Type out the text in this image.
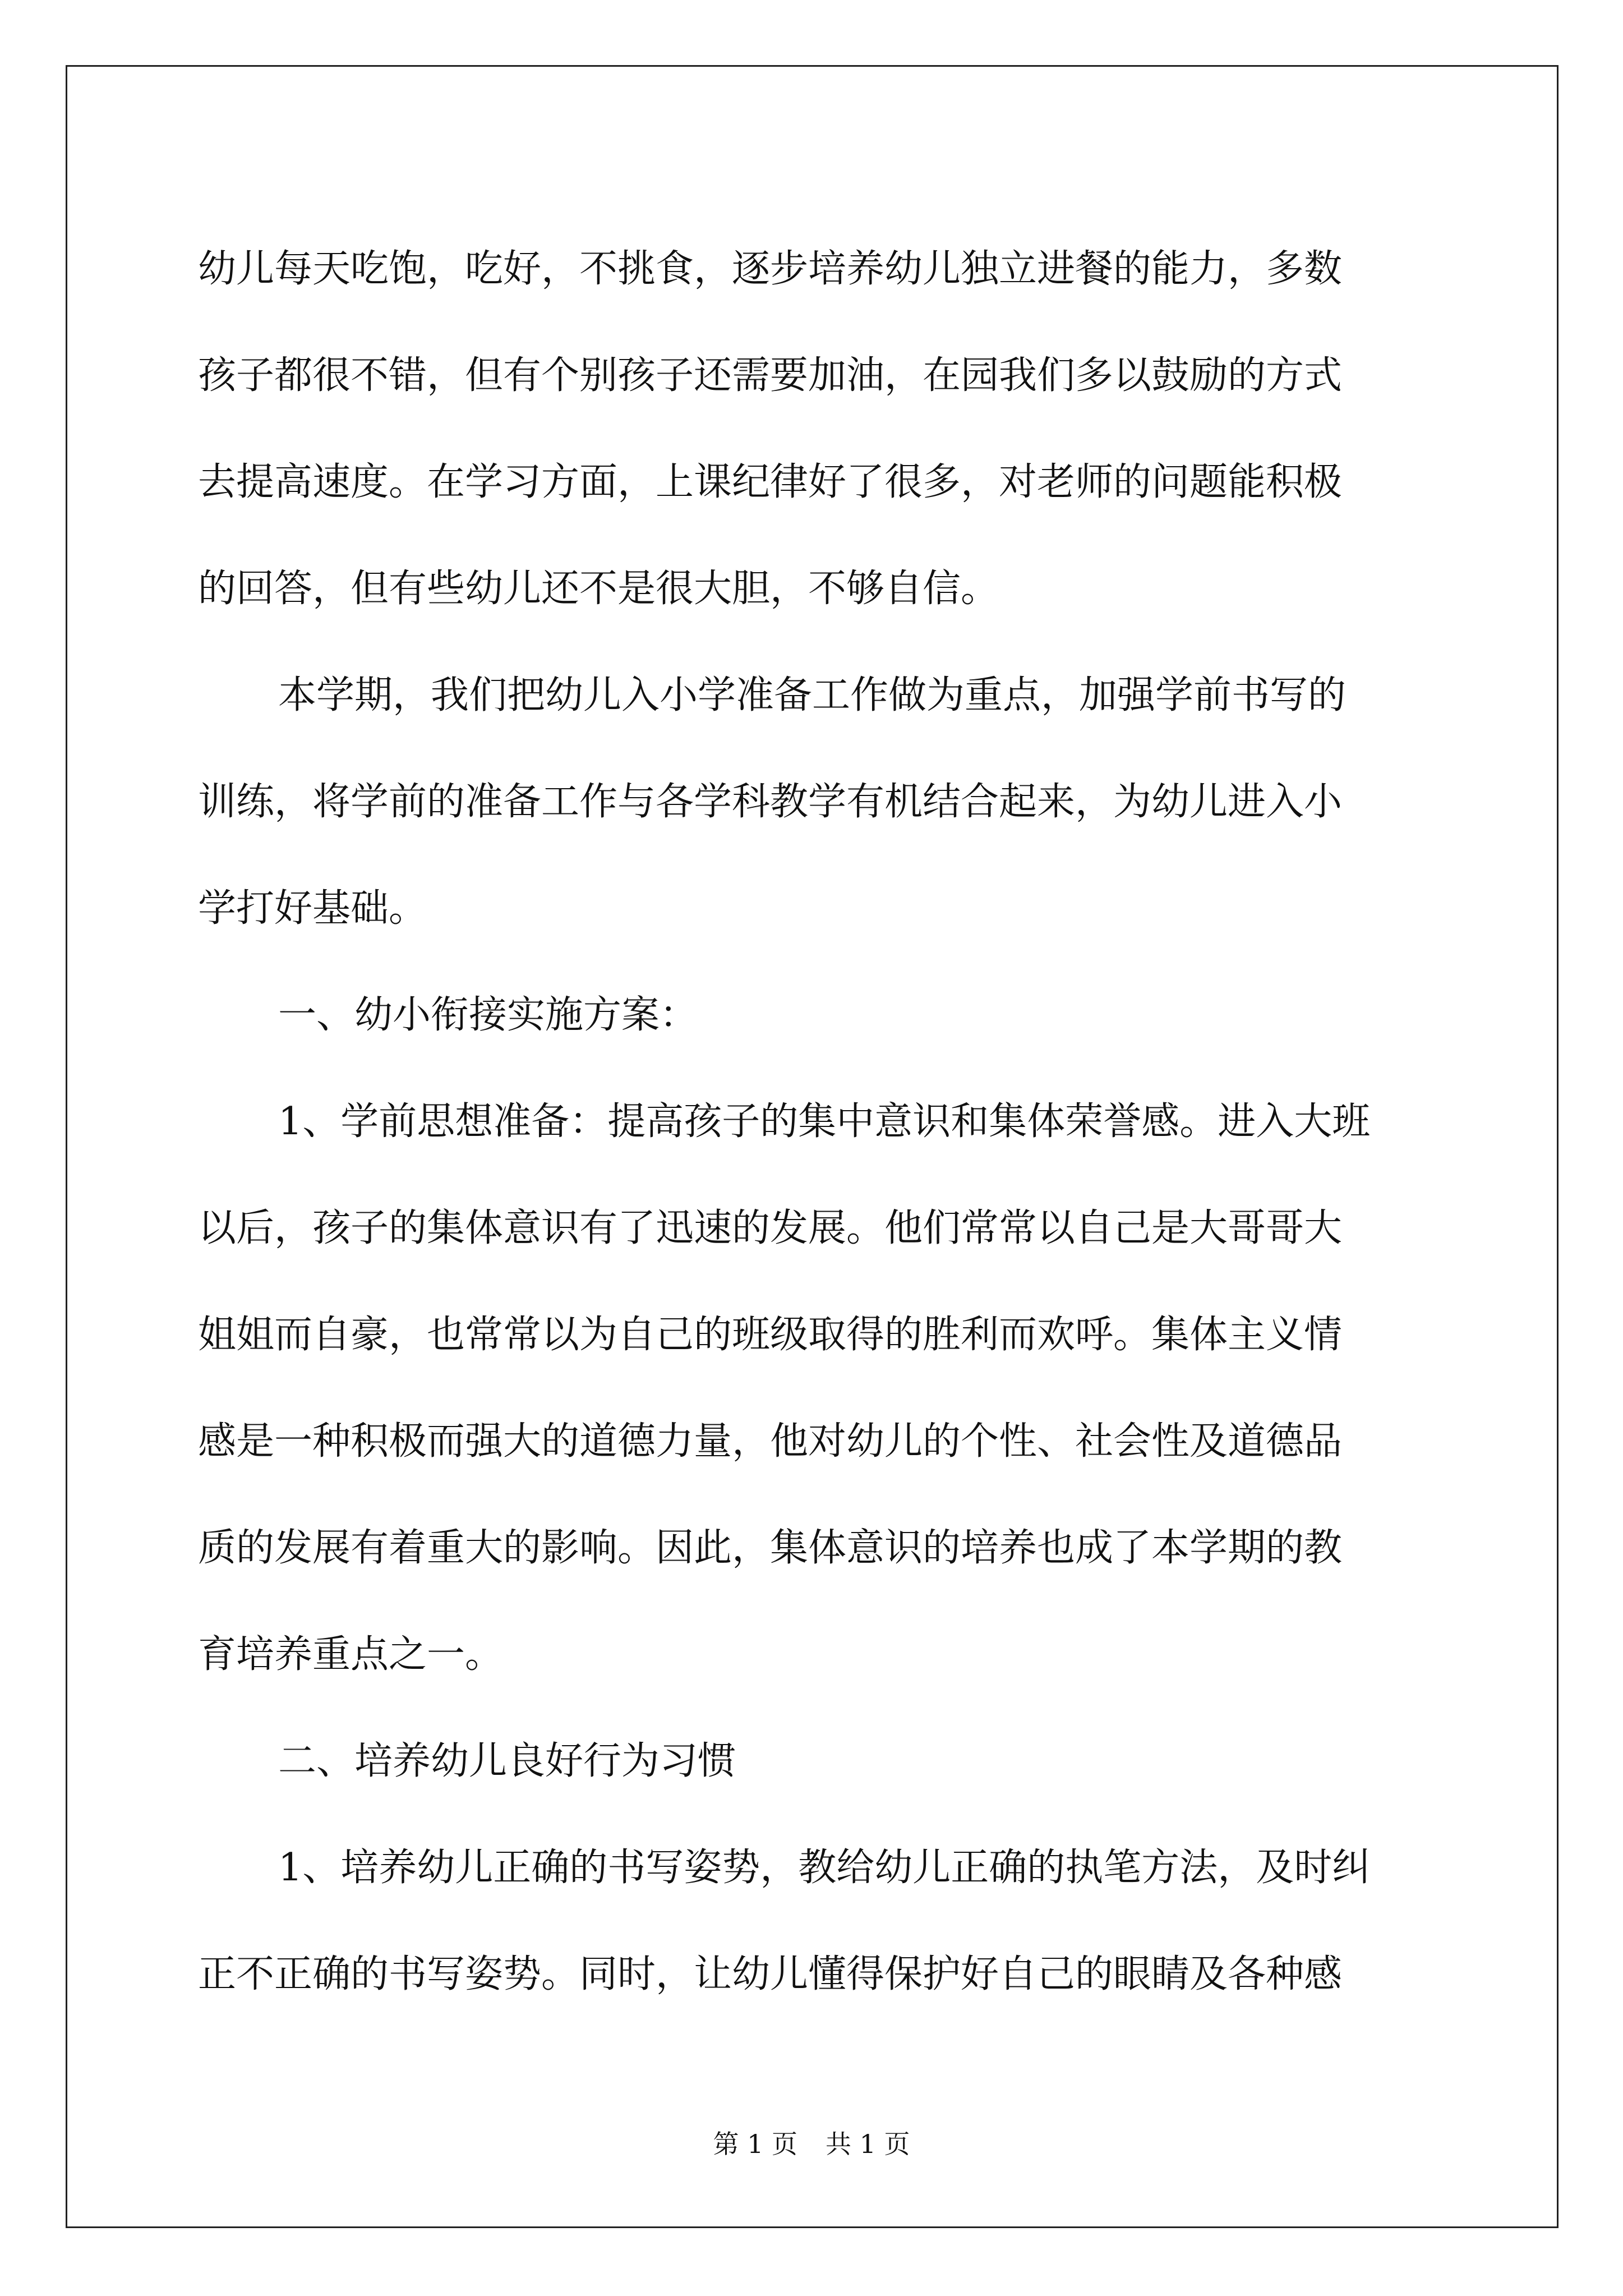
幼儿每天吃饱，吃好，不挑食，逐步培养幼儿独立进餐的能力，多数

孩子都很不错，但有个别孩子还需要加油，在园我们多以鼓励的方式

去提高速度。在学习方面，上课纪律好了很多，对老师的问题能积极

的回答，但有些幼儿还不是很大胆，不够自信。

本学期，我们把幼儿入小学准备工作做为重点，加强学前书写的

训练，将学前的准备工作与各学科教学有机结合起来，为幼儿进入小

学打好基础。

一、幼小衔接实施方案：

1、学前思想准备：提高孩子的集中意识和集体荣誉感。进入大班

以后，孩子的集体意识有了迅速的发展。他们常常以自己是大哥哥大

姐姐而自豪，也常常以为自己的班级取得的胜利而欢呼。集体主义情

感是一种积极而强大的道德力量，他对幼儿的个性、社会性及道德品

质的发展有着重大的影响。因此，集体意识的培养也成了本学期的教

育培养重点之一。

二、培养幼儿良好行为习惯

1、培养幼儿正确的书写姿势，教给幼儿正确的执笔方法，及时纠

正不正确的书写姿势。同时，让幼儿懂得保护好自己的眼睛及各种感

第 1 页 共 1 页
